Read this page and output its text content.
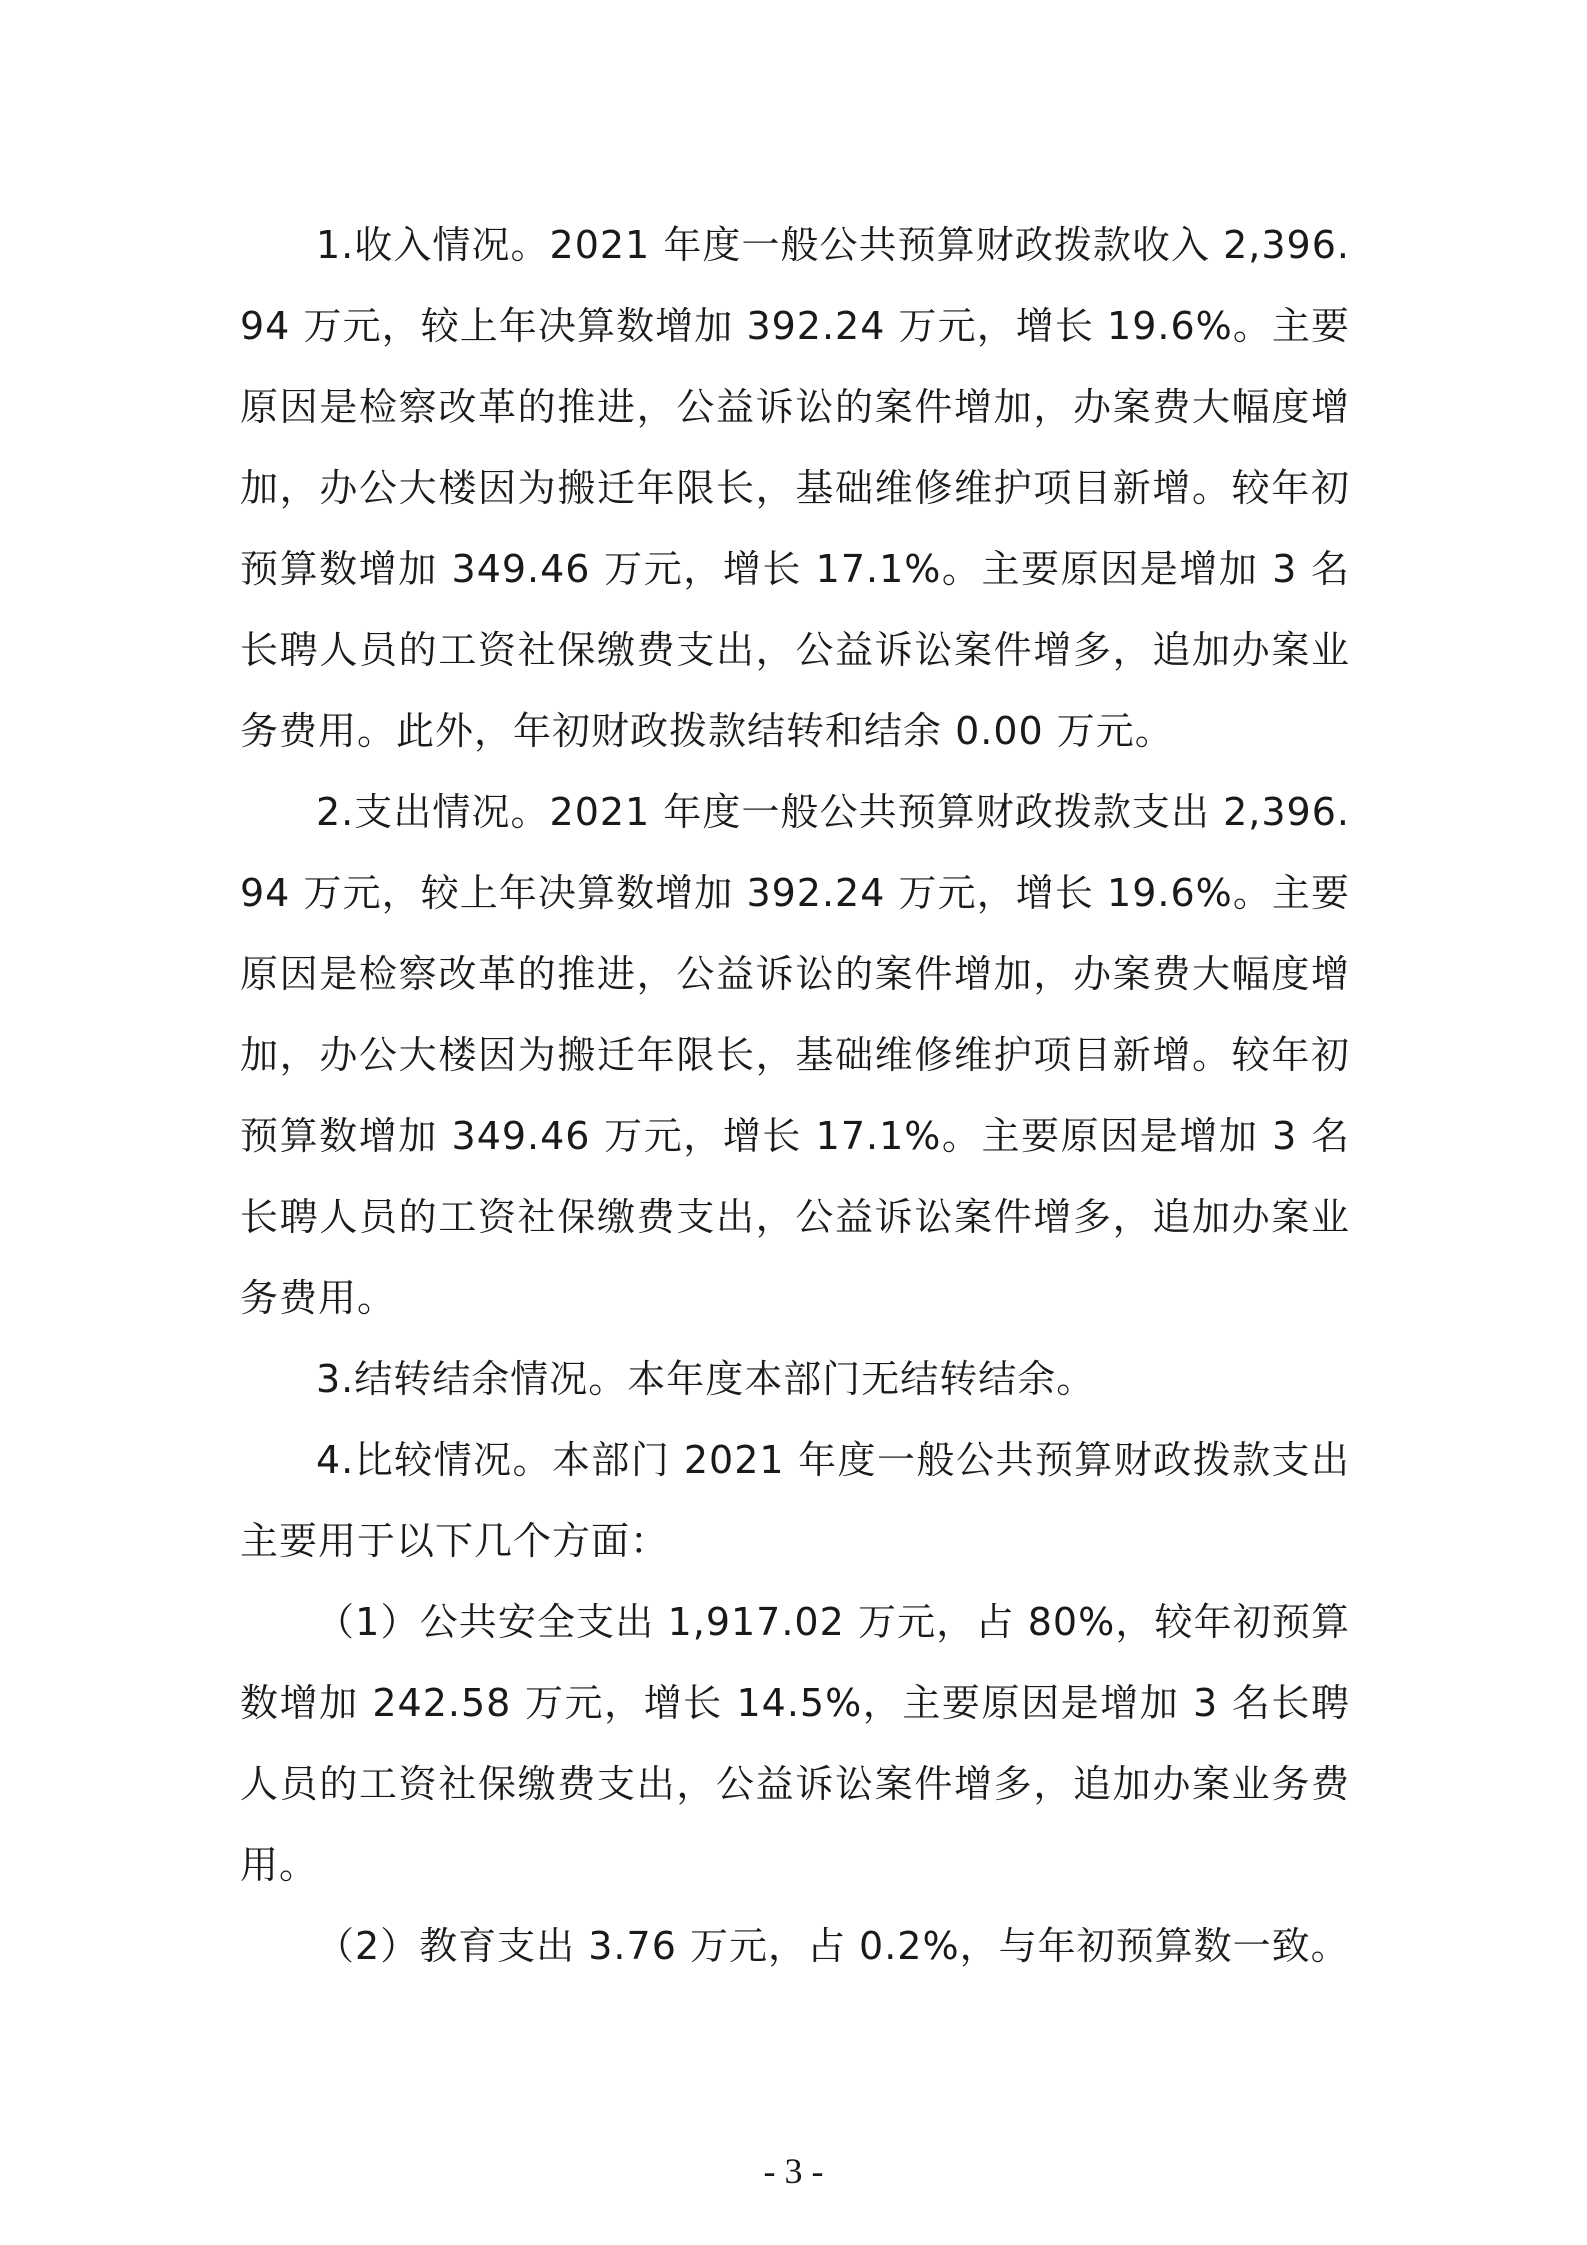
1.收入情况。2021 年度一般公共预算财政拨款收入 2,396.94 万元，较上年决算数增加 392.24 万元，增长 19.6%。主要原因是检察改革的推进，公益诉讼的案件增加，办案费大幅度增加，办公大楼因为搬迁年限长，基础维修维护项目新增。较年初预算数增加 349.46 万元，增长 17.1%。主要原因是增加 3 名长聘人员的工资社保缴费支出，公益诉讼案件增多，追加办案业务费用。此外，年初财政拨款结转和结余 0.00 万元。

2.支出情况。2021 年度一般公共预算财政拨款支出 2,396.94 万元，较上年决算数增加 392.24 万元，增长 19.6%。主要原因是检察改革的推进，公益诉讼的案件增加，办案费大幅度增加，办公大楼因为搬迁年限长，基础维修维护项目新增。较年初预算数增加 349.46 万元，增长 17.1%。主要原因是增加 3 名长聘人员的工资社保缴费支出，公益诉讼案件增多，追加办案业务费用。

3.结转结余情况。本年度本部门无结转结余。

4.比较情况。本部门 2021 年度一般公共预算财政拨款支出主要用于以下几个方面：

（1）公共安全支出 1,917.02 万元，占 80%，较年初预算数增加 242.58 万元，增长 14.5%，主要原因是增加 3 名长聘人员的工资社保缴费支出，公益诉讼案件增多，追加办案业务费用。

（2）教育支出 3.76 万元，占 0.2%，与年初预算数一致。

- 3 -
